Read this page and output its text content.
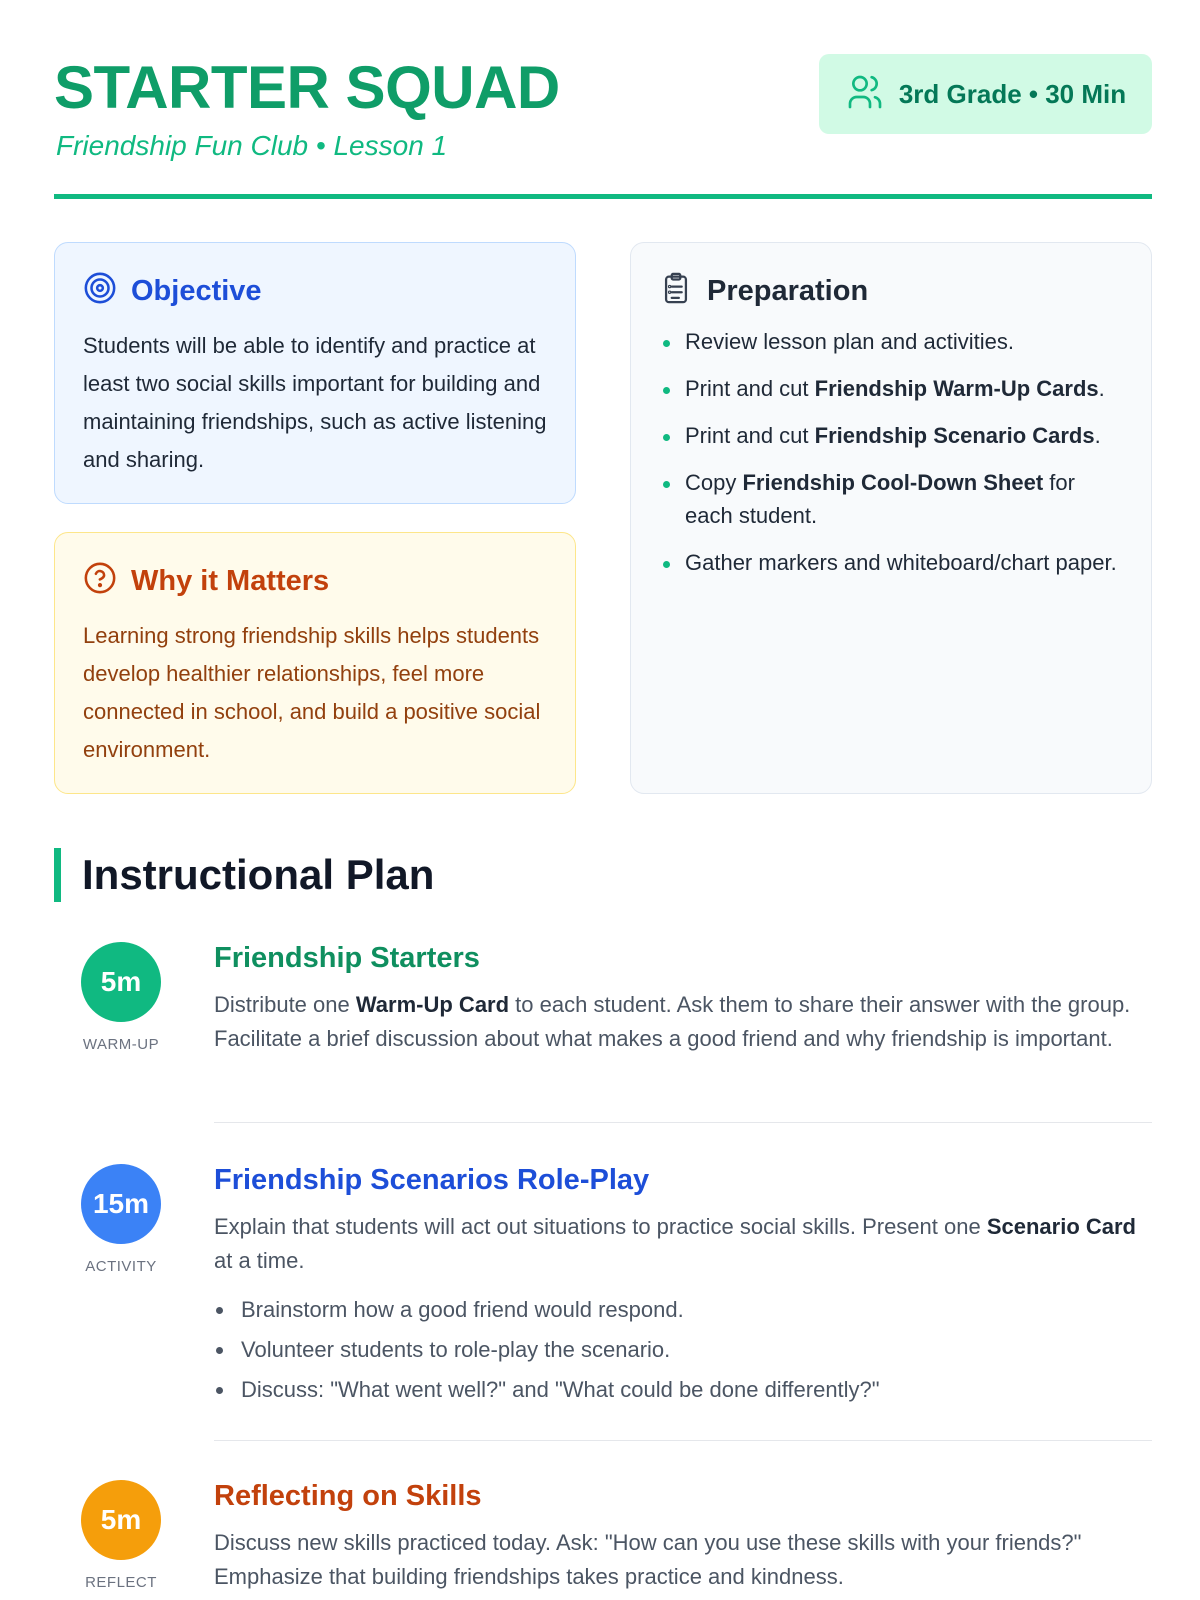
STARTER SQUAD
Friendship Fun Club • Lesson 1
3rd Grade • 30 Min
Objective
Students will be able to identify and practice at least two social skills important for building and maintaining friendships, such as active listening and sharing.
Why it Matters
Learning strong friendship skills helps students develop healthier relationships, feel more connected in school, and build a positive social environment.
Preparation
Review lesson plan and activities.
Print and cut Friendship Warm-Up Cards.
Print and cut Friendship Scenario Cards.
Copy Friendship Cool-Down Sheet for each student.
Gather markers and whiteboard/chart paper.
Instructional Plan
5m
WARM-UP
Friendship Starters
Distribute one Warm-Up Card to each student. Ask them to share their answer with the group. Facilitate a brief discussion about what makes a good friend and why friendship is important.
15m
ACTIVITY
Friendship Scenarios Role-Play
Explain that students will act out situations to practice social skills. Present one Scenario Card at a time.
Brainstorm how a good friend would respond.
Volunteer students to role-play the scenario.
Discuss: "What went well?" and "What could be done differently?"
5m
REFLECT
Reflecting on Skills
Discuss new skills practiced today. Ask: "How can you use these skills with your friends?" Emphasize that building friendships takes practice and kindness.
